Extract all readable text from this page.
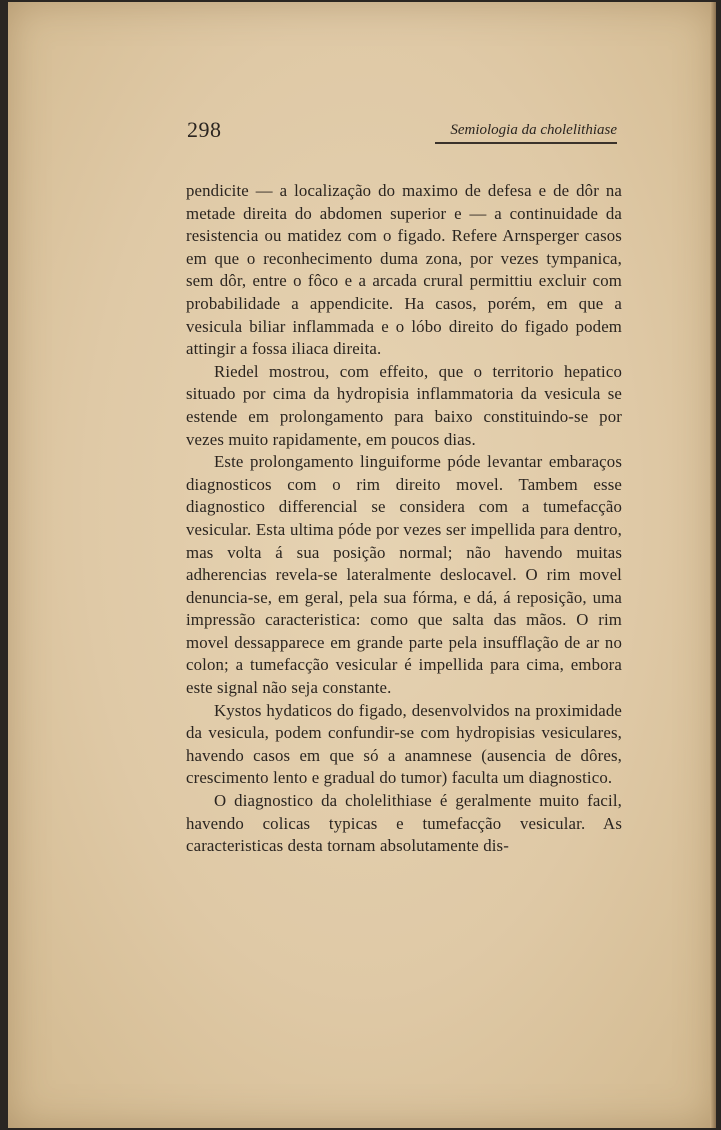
298	Semiologia da cholelithiase

pendicite — a localização do maximo de defesa e de dôr na metade direita do abdomen superior e — a continuidade da resistencia ou matidez com o figado. Refere Arnsperger casos em que o reconhecimento duma zona, por vezes tympanica, sem dôr, entre o fôco e a arcada crural permittiu excluir com probabilidade a appendicite. Ha casos, porém, em que a vesicula biliar inflammada e o lóbo direito do figado podem attingir a fossa iliaca direita.

Riedel mostrou, com effeito, que o territorio hepatico situado por cima da hydropisia inflammatoria da vesicula se estende em prolongamento para baixo constituindo-se por vezes muito rapidamente, em poucos dias.

Este prolongamento linguiforme póde levantar embaraços diagnosticos com o rim direito movel. Tambem esse diagnostico differencial se considera com a tumefacção vesicular. Esta ultima póde por vezes ser impellida para dentro, mas volta á sua posição normal; não havendo muitas adherencias revela-se lateralmente deslocavel. O rim movel denuncia-se, em geral, pela sua fórma, e dá, á reposição, uma impressão caracteristica: como que salta das mãos. O rim movel dessapparece em grande parte pela insufflação de ar no colon; a tumefacção vesicular é impellida para cima, embora este signal não seja constante.

Kystos hydaticos do figado, desenvolvidos na proximidade da vesicula, podem confundir-se com hydropisias vesiculares, havendo casos em que só a anamnese (ausencia de dôres, crescimento lento e gradual do tumor) faculta um diagnostico.

O diagnostico da cholelithiase é geralmente muito facil, havendo colicas typicas e tumefacção vesicular. As caracteristicas desta tornam absolutamente dis-
